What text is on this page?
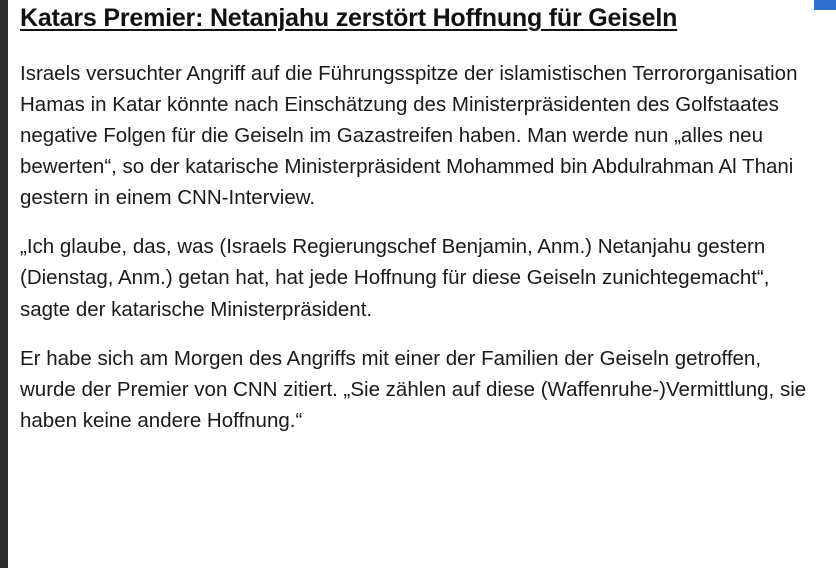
Katars Premier: Netanjahu zerstört Hoffnung für Geiseln

Israels versuchter Angriff auf die Führungsspitze der islamistischen Terrororganisation Hamas in Katar könnte nach Einschätzung des Ministerpräsidenten des Golfstaates negative Folgen für die Geiseln im Gazastreifen haben. Man werde nun „alles neu bewerten“, so der katarische Ministerpräsident Mohammed bin Abdulrahman Al Thani gestern in einem CNN-Interview.

„Ich glaube, das, was (Israels Regierungschef Benjamin, Anm.) Netanjahu gestern (Dienstag, Anm.) getan hat, hat jede Hoffnung für diese Geiseln zunichtegemacht“, sagte der katarische Ministerpräsident.

Er habe sich am Morgen des Angriffs mit einer der Familien der Geiseln getroffen, wurde der Premier von CNN zitiert. „Sie zählen auf diese (Waffenruhe-)Vermittlung, sie haben keine andere Hoffnung.“
